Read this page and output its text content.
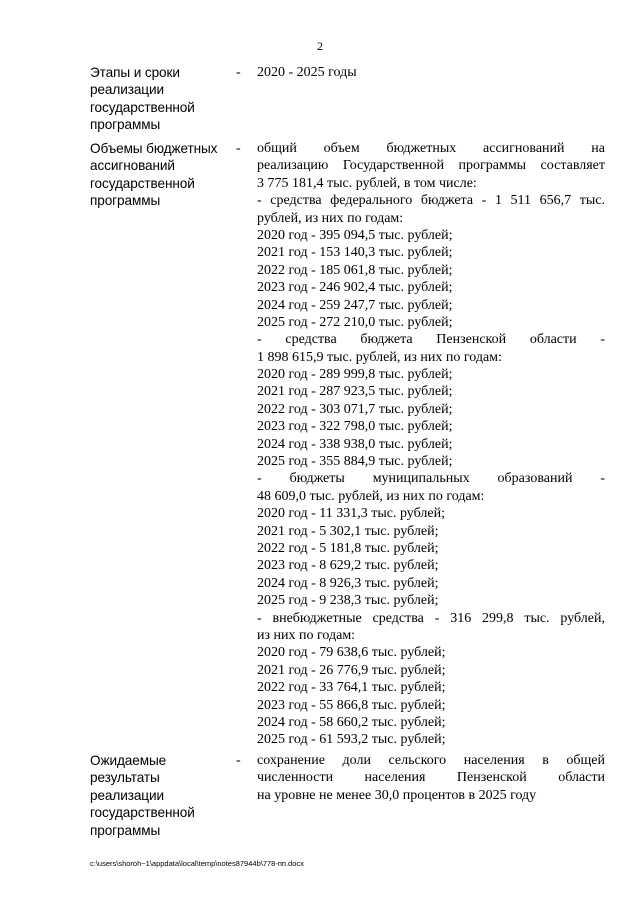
2
Этапы и сроки
реализации
государственной
программы
- 2020 - 2025 годы
Объемы бюджетных
ассигнований
государственной
программы
- общий объем бюджетных ассигнований на
реализацию Государственной программы составляет
3 775 181,4 тыс. рублей, в том числе:
- средства федерального бюджета - 1 511 656,7 тыс.
рублей, из них по годам:
2020 год - 395 094,5 тыс. рублей;
2021 год - 153 140,3 тыс. рублей;
2022 год - 185 061,8 тыс. рублей;
2023 год - 246 902,4 тыс. рублей;
2024 год - 259 247,7 тыс. рублей;
2025 год - 272 210,0 тыс. рублей;
- средства бюджета Пензенской области -
1 898 615,9 тыс. рублей, из них по годам:
2020 год - 289 999,8 тыс. рублей;
2021 год - 287 923,5 тыс. рублей;
2022 год - 303 071,7 тыс. рублей;
2023 год - 322 798,0 тыс. рублей;
2024 год - 338 938,0 тыс. рублей;
2025 год - 355 884,9 тыс. рублей;
- бюджеты муниципальных образований -
48 609,0 тыс. рублей, из них по годам:
2020 год - 11 331,3 тыс. рублей;
2021 год - 5 302,1 тыс. рублей;
2022 год - 5 181,8 тыс. рублей;
2023 год - 8 629,2 тыс. рублей;
2024 год - 8 926,3 тыс. рублей;
2025 год - 9 238,3 тыс. рублей;
- внебюджетные средства - 316 299,8 тыс. рублей,
из них по годам:
2020 год - 79 638,6 тыс. рублей;
2021 год - 26 776,9 тыс. рублей;
2022 год - 33 764,1 тыс. рублей;
2023 год - 55 866,8 тыс. рублей;
2024 год - 58 660,2 тыс. рублей;
2025 год - 61 593,2 тыс. рублей;
Ожидаемые
результаты
реализации
государственной
программы
- сохранение доли сельского населения в общей
численности населения Пензенской области
на уровне не менее 30,0 процентов в 2025 году
c:\users\shoroh~1\appdata\local\temp\notes87944b\778-пп.docx
